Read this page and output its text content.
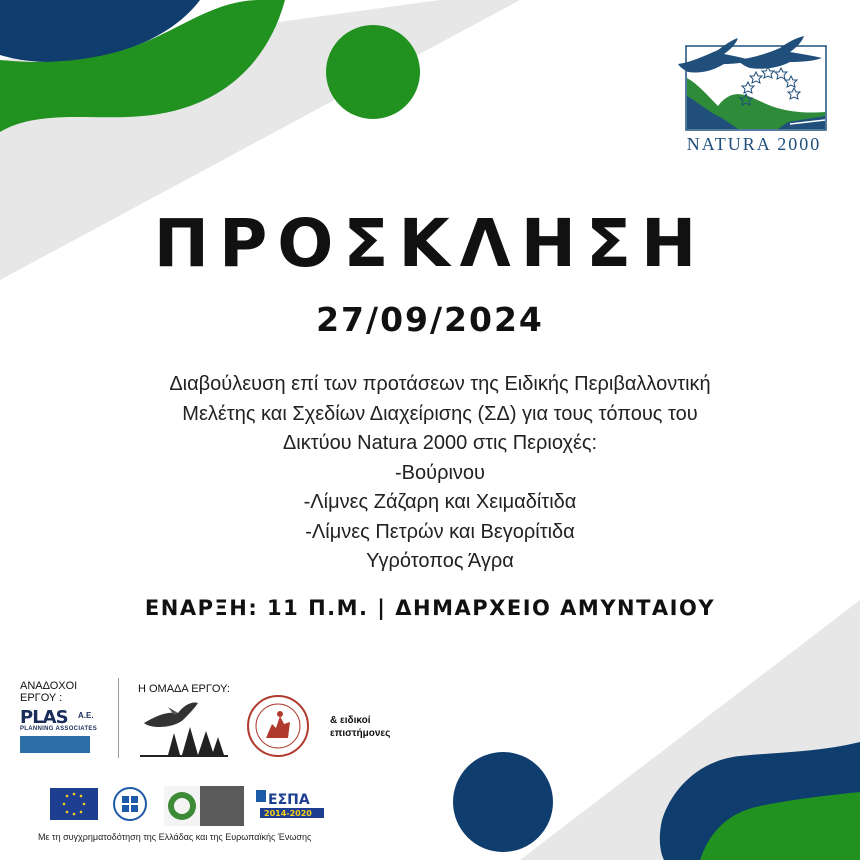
NATURA 2000
ΠΡΟΣΚΛΗΣΗ
27/09/2024
Διαβούλευση επί των προτάσεων της Ειδικής Περιβαλλοντική
Μελέτης και Σχεδίων Διαχείρισης (ΣΔ) για τους τόπους του
Δικτύου Natura 2000 στις Περιοχές:
-Βούρινου
-Λίμνες Ζάζαρη και Χειμαδίτιδα
-Λίμνες Πετρών και Βεγορίτιδα
Υγρότοπος Άγρα
ΕΝΑΡΞΗ: 11 Π.Μ. | ΔΗΜΑΡΧΕΙΟ ΑΜΥΝΤΑΙΟΥ
ΑΝΑΔΟΧΟΙ ΕΡΓΟΥ :
PLAS A.E.
PLANNING ASSOCIATES
Η ΟΜΑΔΑ ΕΡΓΟΥ:
& ειδικοί επιστήμονες
ΕΣΠΑ
2014-2020
Με τη συγχρηματοδότηση της Ελλάδας και της Ευρωπαϊκής Ένωσης
